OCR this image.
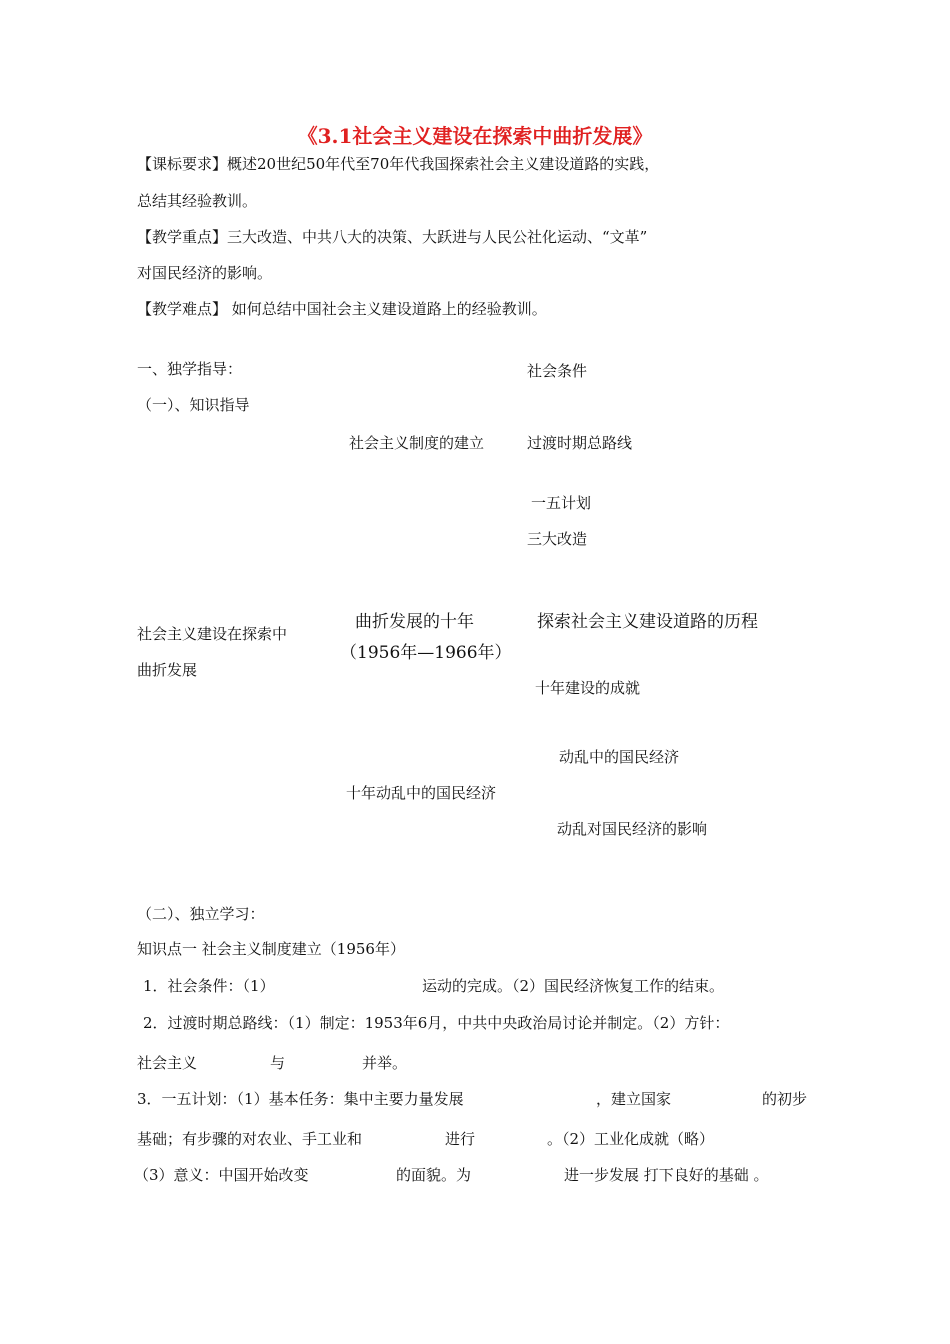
《3.1社会主义建设在探索中曲折发展》
【课标要求】概述20世纪50年代至70年代我国探索社会主义建设道路的实践，
总结其经验教训。
【教学重点】三大改造、中共八大的决策、大跃进与人民公社化运动、“文革”
对国民经济的影响。
【教学难点】 如何总结中国社会主义建设道路上的经验教训。
一、独学指导：	社会条件
（一）、知识指导
社会主义制度的建立	过渡时期总路线
一五计划
三大改造
曲折发展的十年	探索社会主义建设道路的历程
社会主义建设在探索中
（1956年—1966年）
曲折发展
十年建设的成就
动乱中的国民经济
十年动乱中的国民经济
动乱对国民经济的影响
（二）、独立学习：
知识点一 社会主义制度建立（1956年）
1．社会条件：（1）	运动的完成。（2）国民经济恢复工作的结束。
2．过渡时期总路线：（1）制定：1953年6月，中共中央政治局讨论并制定。（2）方针：
社会主义	与	并举。
3．一五计划：（1）基本任务：集中主要力量发展	，建立国家	的初步
基础；有步骤的对农业、手工业和	进行	。（2）工业化成就（略）
（3）意义：中国开始改变	的面貌。为	进一步发展 打下良好的基础 。
